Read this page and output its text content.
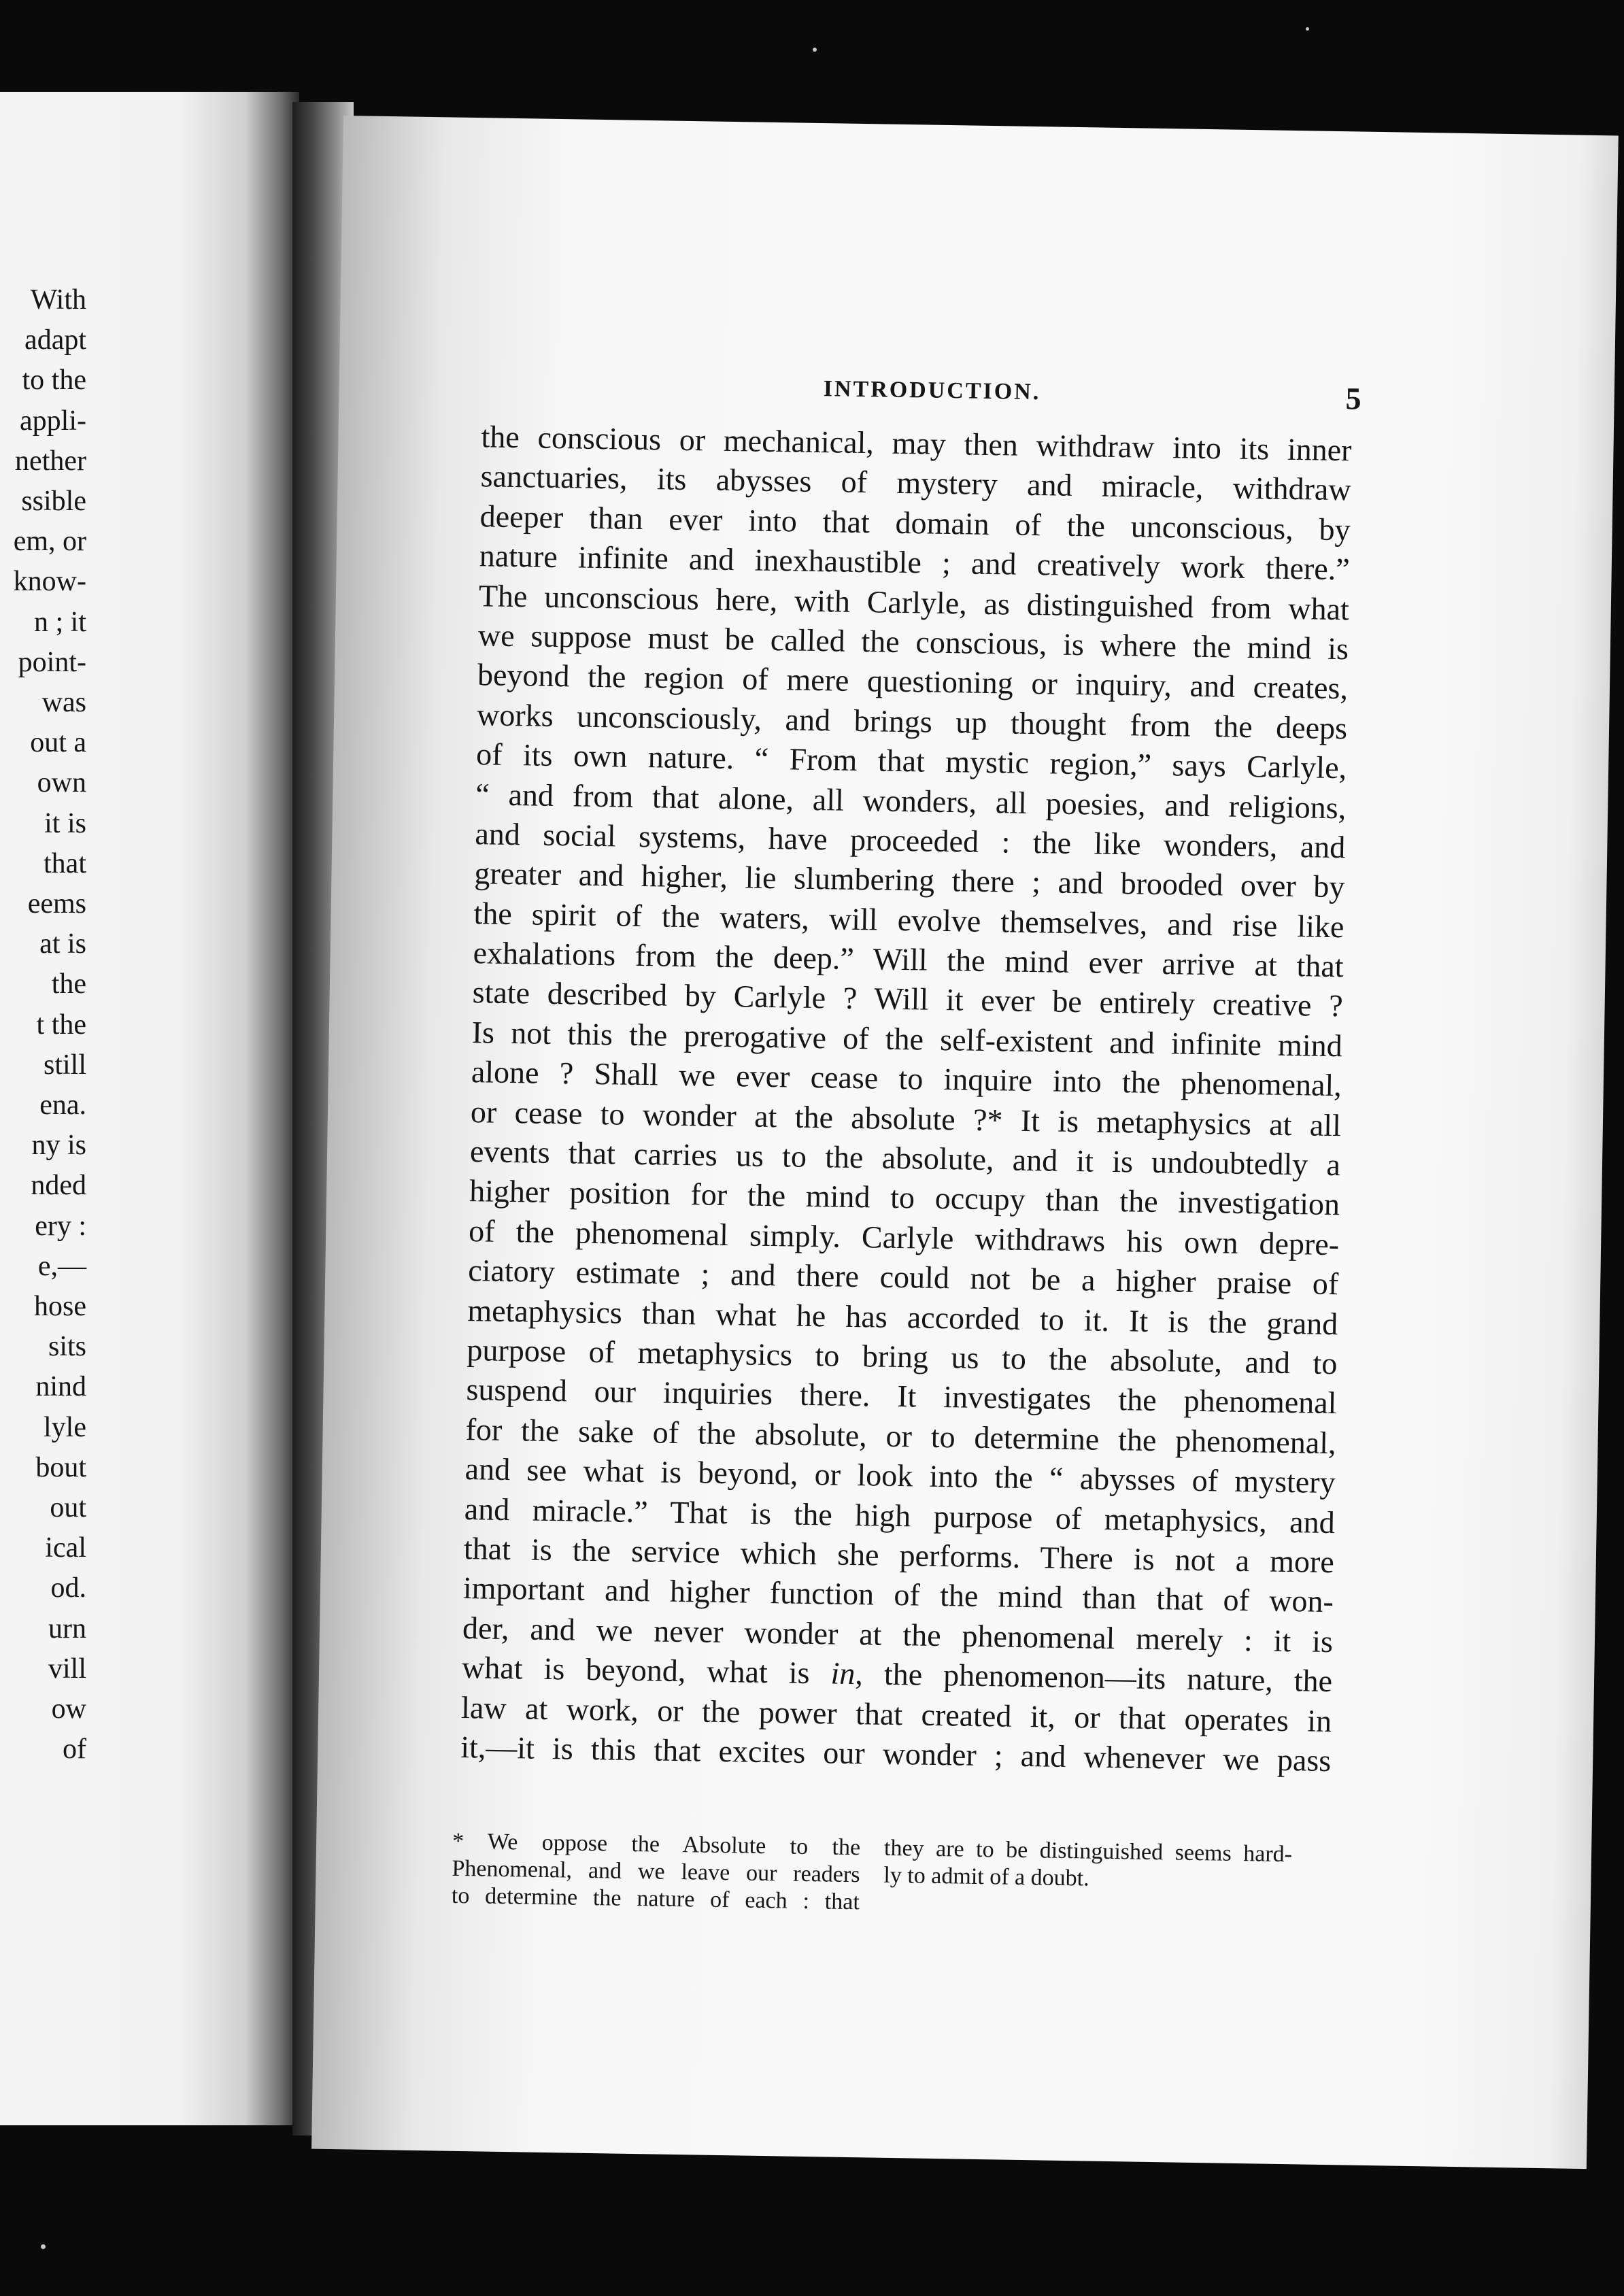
With
adapt
to the
appli-
nether
ssible
em, or
know-
n ; it
point-
was
out a
own
it is
that
eems
at is
the
t the
still
ena.
ny is
nded
ery :
e,—
hose
sits
nind
lyle
bout
out
ical
od.
urn
vill
ow
of
INTRODUCTION.	5
the conscious or mechanical, may then withdraw into its inner
sanctuaries, its abysses of mystery and miracle, withdraw
deeper than ever into that domain of the unconscious, by
nature infinite and inexhaustible ; and creatively work there.”
The unconscious here, with Carlyle, as distinguished from what
we suppose must be called the conscious, is where the mind is
beyond the region of mere questioning or inquiry, and creates,
works unconsciously, and brings up thought from the deeps
of its own nature. “ From that mystic region,” says Carlyle,
“ and from that alone, all wonders, all poesies, and religions,
and social systems, have proceeded : the like wonders, and
greater and higher, lie slumbering there ; and brooded over by
the spirit of the waters, will evolve themselves, and rise like
exhalations from the deep.” Will the mind ever arrive at that
state described by Carlyle ? Will it ever be entirely creative ?
Is not this the prerogative of the self-existent and infinite mind
alone ? Shall we ever cease to inquire into the phenomenal,
or cease to wonder at the absolute ?* It is metaphysics at all
events that carries us to the absolute, and it is undoubtedly a
higher position for the mind to occupy than the investigation
of the phenomenal simply. Carlyle withdraws his own depre-
ciatory estimate ; and there could not be a higher praise of
metaphysics than what he has accorded to it. It is the grand
purpose of metaphysics to bring us to the absolute, and to
suspend our inquiries there. It investigates the phenomenal
for the sake of the absolute, or to determine the phenomenal,
and see what is beyond, or look into the “ abysses of mystery
and miracle.” That is the high purpose of metaphysics, and
that is the service which she performs. There is not a more
important and higher function of the mind than that of won-
der, and we never wonder at the phenomenal merely : it is
what is beyond, what is in, the phenomenon—its nature, the
law at work, or the power that created it, or that operates in
it,—it is this that excites our wonder ; and whenever we pass
* We oppose the Absolute to the
Phenomenal, and we leave our readers
to determine the nature of each : that
they are to be distinguished seems hard-
ly to admit of a doubt.
